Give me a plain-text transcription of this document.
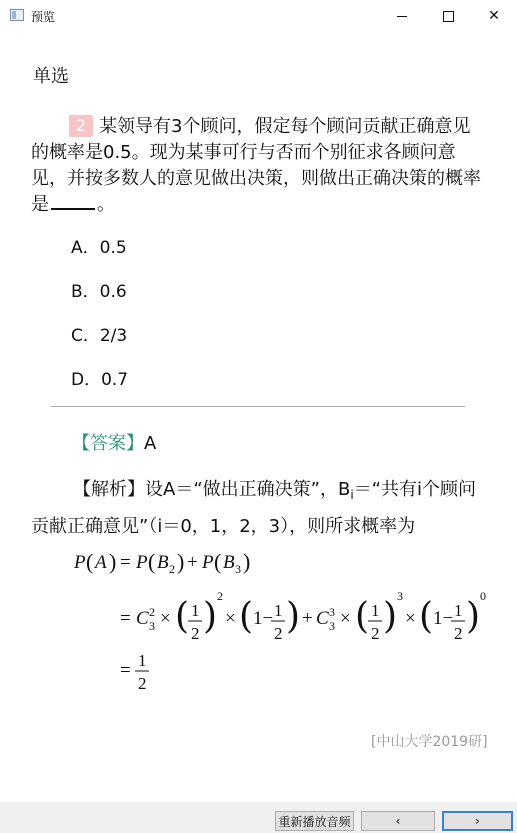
预览	✕
单选
2 某领导有3个顾问，假定每个顾问贡献正确意见的概率是0.5。现为某事可行与否而个别征求各顾问意见，并按多数人的意见做出决策，则做出正确决策的概率是	。
A．0.5
B．0.6
C．2/3
D．0.7
【答案】A
【解析】设A＝“做出正确决策”，$B_i=“$共有i个顾问贡献正确意见”（i＝0，1，2，3），则所求概率为
P ( A ) = P ( B 2 ) + P ( B 3 )
= C 3
2 × ( 1
2 ) 2
× ( 1− 1
2 ) + C 3
3 × ( 1
2 ) 3
× ( 1− 1
2 ) 0
= 1
2
[中山大学2019研]
重新播放音频	‹	›
